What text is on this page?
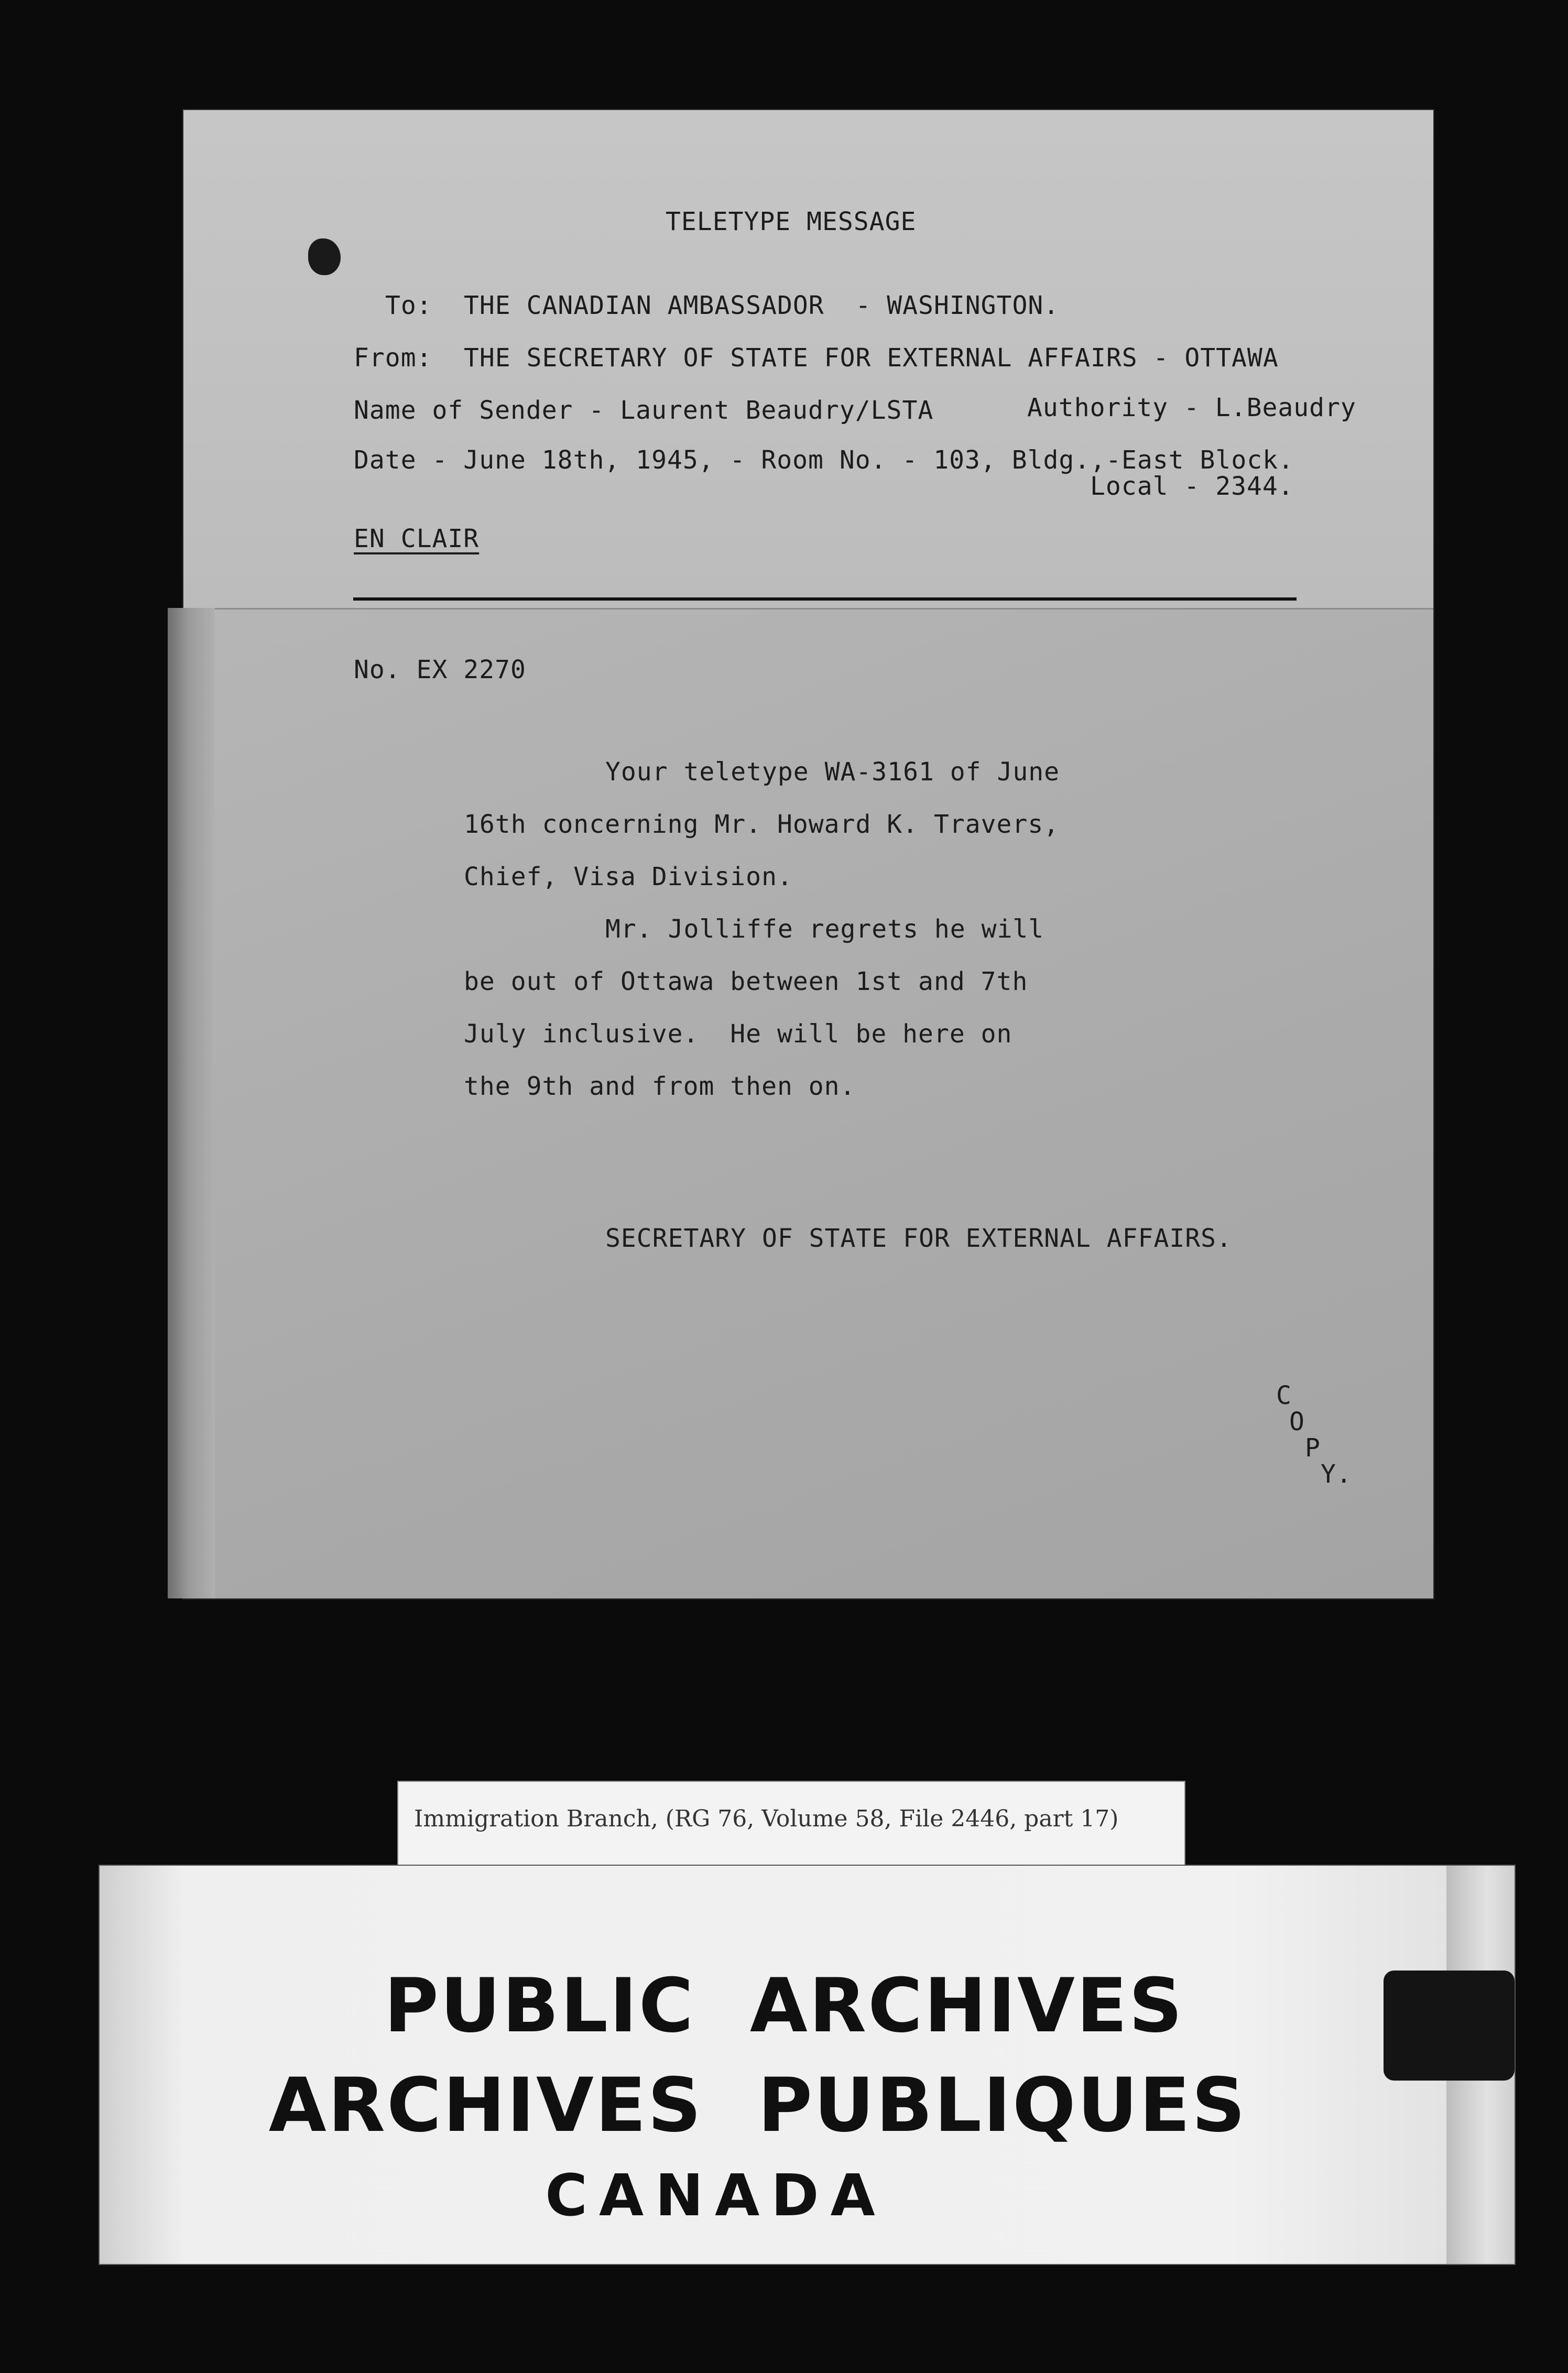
TELETYPE MESSAGE
To: THE CANADIAN AMBASSADOR  - WASHINGTON.
From: THE SECRETARY OF STATE FOR EXTERNAL AFFAIRS - OTTAWA
Name of Sender - Laurent Beaudry/LSTA	Authority - L.Beaudry
Date - June 18th, 1945, - Room No. - 103, Bldg.,-East Block.
Local - 2344.
EN CLAIR
No. EX 2270
Your teletype WA-3161 of June
16th concerning Mr. Howard K. Travers,
Chief, Visa Division.
Mr. Jolliffe regrets he will
be out of Ottawa between 1st and 7th
July inclusive.  He will be here on
the 9th and from then on.
SECRETARY OF STATE FOR EXTERNAL AFFAIRS.
C
O
P
Y.
Immigration Branch, (RG 76, Volume 58, File 2446, part 17)
PUBLIC  ARCHIVES
ARCHIVES  PUBLIQUES
CANADA
